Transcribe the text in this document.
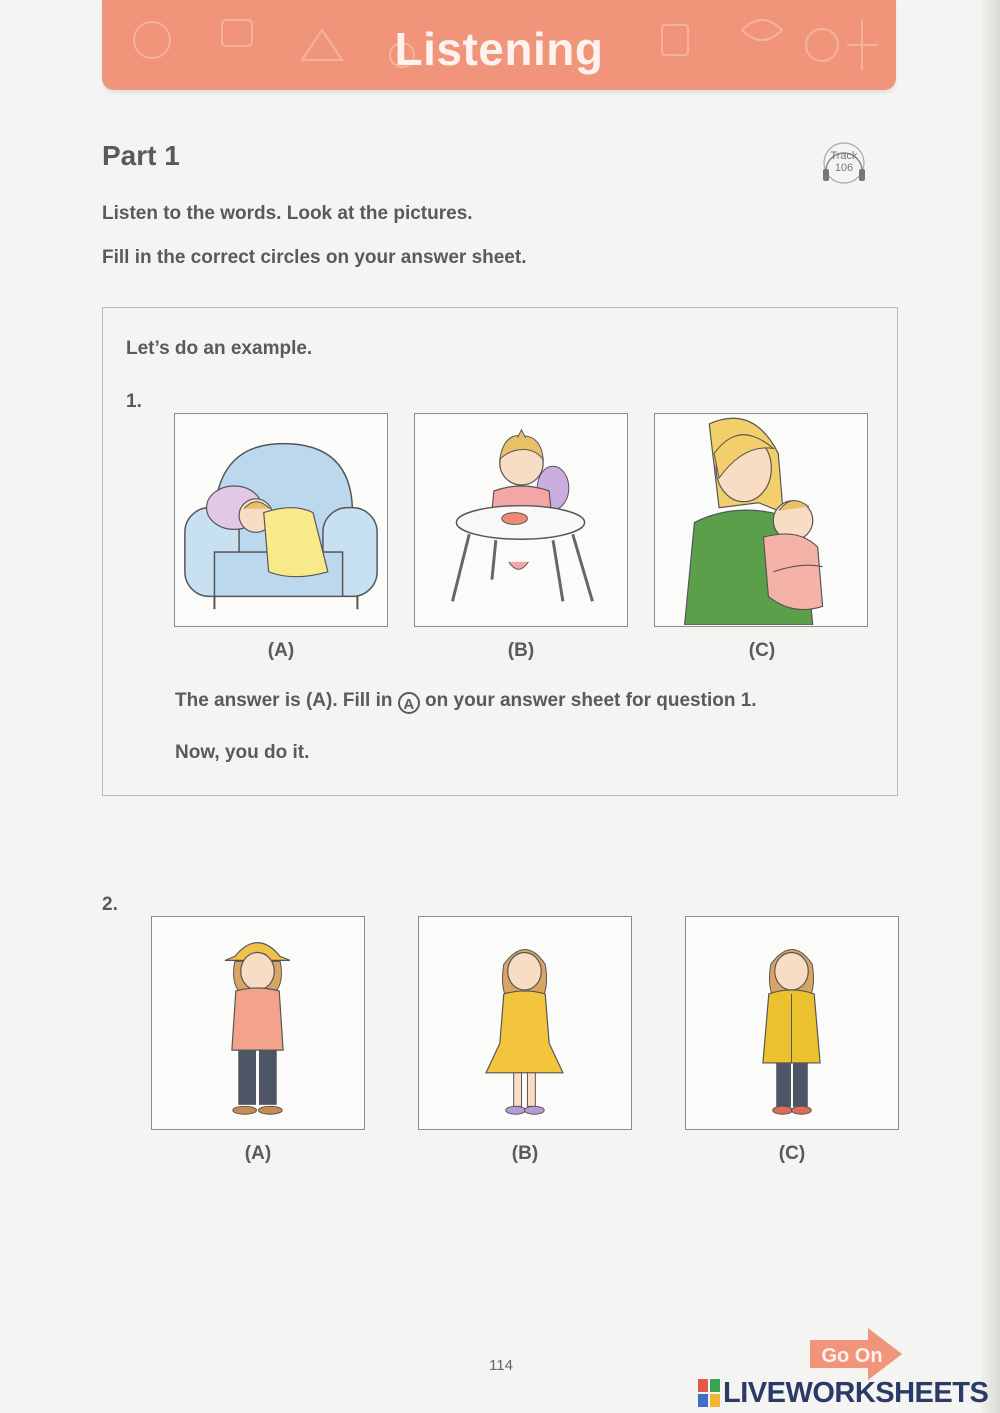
Listening
Part 1	Track
106
Listen to the words. Look at the pictures.
Fill in the correct circles on your answer sheet.
Let’s do an example.
1.
(A)	(B)	(C)
The answer is (A). Fill in A on your answer sheet for question 1.
Now, you do it.
2.
(A)	(B)	(C)
114	Go On
LIVEWORKSHEETS
